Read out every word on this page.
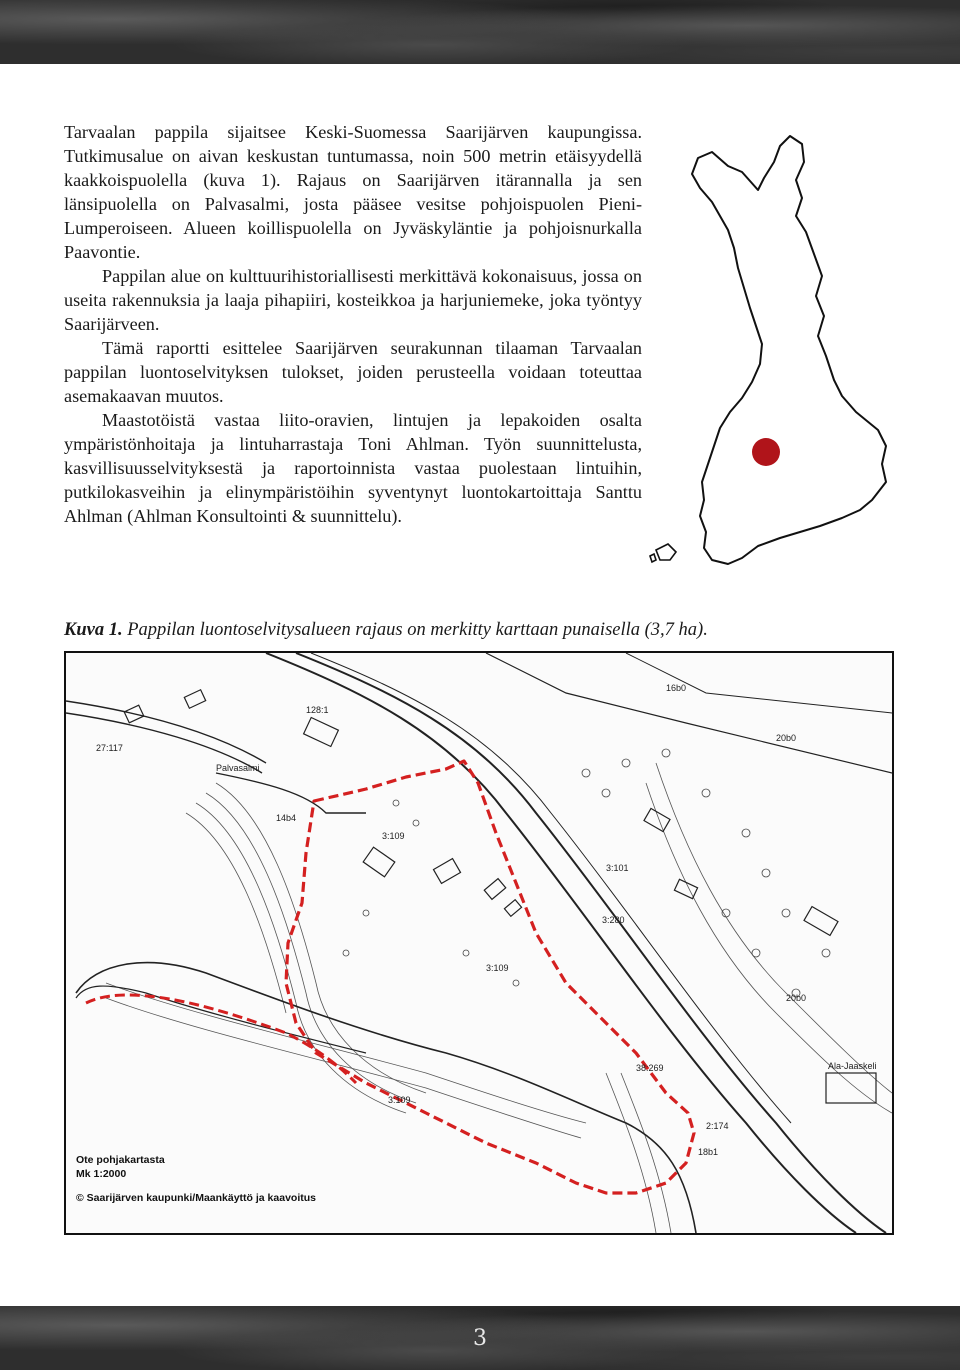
Tarvaalan pappila sijaitsee Keski-Suomessa Saarijärven kaupungissa. Tutkimusalue on aivan keskustan tuntumassa, noin 500 metrin etäisyydellä kaakkoispuolella (kuva 1). Rajaus on Saarijärven itärannalla ja sen länsipuolella on Palvasalmi, josta pääsee vesitse pohjoispuolen Pieni-Lumperoiseen. Alueen koillispuolella on Jyväskyläntie ja pohjoisnurkalla Paavontie.

Pappilan alue on kulttuurihistoriallisesti merkittävä kokonaisuus, jossa on useita rakennuksia ja laaja pihapiiri, kosteikkoa ja harjuniemeke, joka työntyy Saarijärveen.

Tämä raportti esittelee Saarijärven seurakunnan tilaaman Tarvaalan pappilan luontoselvityksen tulokset, joiden perusteella voidaan toteuttaa asemakaavan muutos.

Maastotöistä vastaa liito-oravien, lintujen ja lepakoiden osalta ympäristönhoitaja ja lintuharrastaja Toni Ahlman. Työn suunnittelusta, kasvillisuusselvityksestä ja raportoinnista vastaa puolestaan lintuihin, putkilokasveihin ja elinympäristöihin syventynyt luontokartoittaja Santtu Ahlman (Ahlman Konsultointi & suunnittelu).

Kuva 1. Pappilan luontoselvitysalueen rajaus on merkitty karttaan punaisella (3,7 ha).
Palvasalmi
14b4
3:109
3:109
3:109
3:101
3:280
18b1
20b0
20b0
2:174
16b0
128:1
27:117
38:269	Ala-Jaaskeli
Ote pohjakartasta
Mk 1:2000
© Saarijärven kaupunki/Maankäyttö ja kaavoitus
3
